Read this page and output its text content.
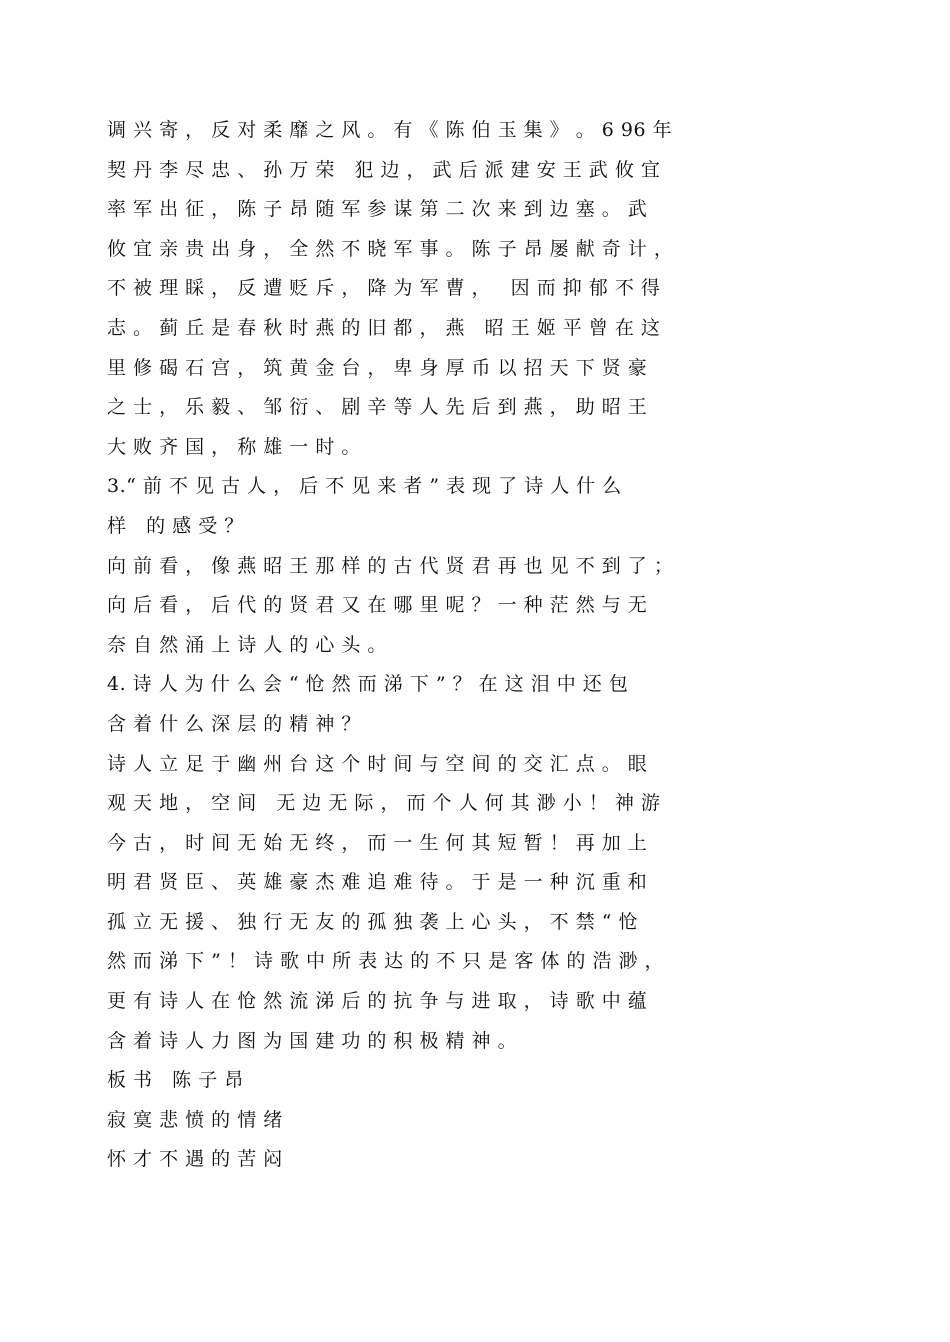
调 兴 寄 ， 反 对 柔 靡 之 风 。 有 《 陈 伯 玉 集 》 。 6 96 年
契 丹 李 尽 忠 、 孙 万 荣   犯 边 ， 武 后 派 建 安 王 武 攸 宜
率 军 出 征 ， 陈 子 昂 随 军 参 谋 第 二 次 来 到 边 塞 。 武
攸 宜 亲 贵 出 身 ， 全 然 不 晓 军 事 。 陈 子 昂 屡 献 奇 计 ，
不 被 理 睬 ， 反 遭 贬 斥 ， 降 为 军 曹 ，   因 而 抑 郁 不 得
志 。 蓟 丘 是 春 秋 时 燕 的 旧 都 ， 燕   昭 王 姬 平 曾 在 这
里 修 碣 石 宫 ， 筑 黄 金 台 ， 卑 身 厚 币 以 招 天 下 贤 豪
之 士 ， 乐 毅 、 邹 衍 、 剧 辛 等 人 先 后 到 燕 ， 助 昭 王
大 败 齐 国 ， 称 雄 一 时 。
3.“ 前 不 见 古 人 ， 后 不 见 来 者 ” 表 现 了 诗 人 什 么
样   的 感 受 ？
向 前 看 ， 像 燕 昭 王 那 样 的 古 代 贤 君 再 也 见 不 到 了 ；
向 后 看 ， 后 代 的 贤 君 又 在 哪 里 呢 ？ 一 种 茫 然 与 无
奈 自 然 涌 上 诗 人 的 心 头 。
4. 诗 人 为 什 么 会 “ 怆 然 而 涕 下 ” ？ 在 这 泪 中 还 包
含 着 什 么 深 层 的 精 神 ？
诗 人 立 足 于 幽 州 台 这 个 时 间 与 空 间 的 交 汇 点 。 眼
观 天 地 ， 空 间   无 边 无 际 ， 而 个 人 何 其 渺 小 ！ 神 游
今 古 ， 时 间 无 始 无 终 ， 而 一 生 何 其 短 暂 ！ 再 加 上
明 君 贤 臣 、 英 雄 豪 杰 难 追 难 待 。 于 是 一 种 沉 重 和
孤 立 无 援 、 独 行 无 友 的 孤 独 袭 上 心 头 ， 不 禁 “ 怆
然 而 涕 下 ” ！ 诗 歌 中 所 表 达 的 不 只 是 客 体 的 浩 渺 ，
更 有 诗 人 在 怆 然 流 涕 后 的 抗 争 与 进 取 ， 诗 歌 中 蕴
含 着 诗 人 力 图 为 国 建 功 的 积 极 精 神 。
板 书   陈 子 昂
寂 寞 悲 愤 的 情 绪
怀 才 不 遇 的 苦 闷
